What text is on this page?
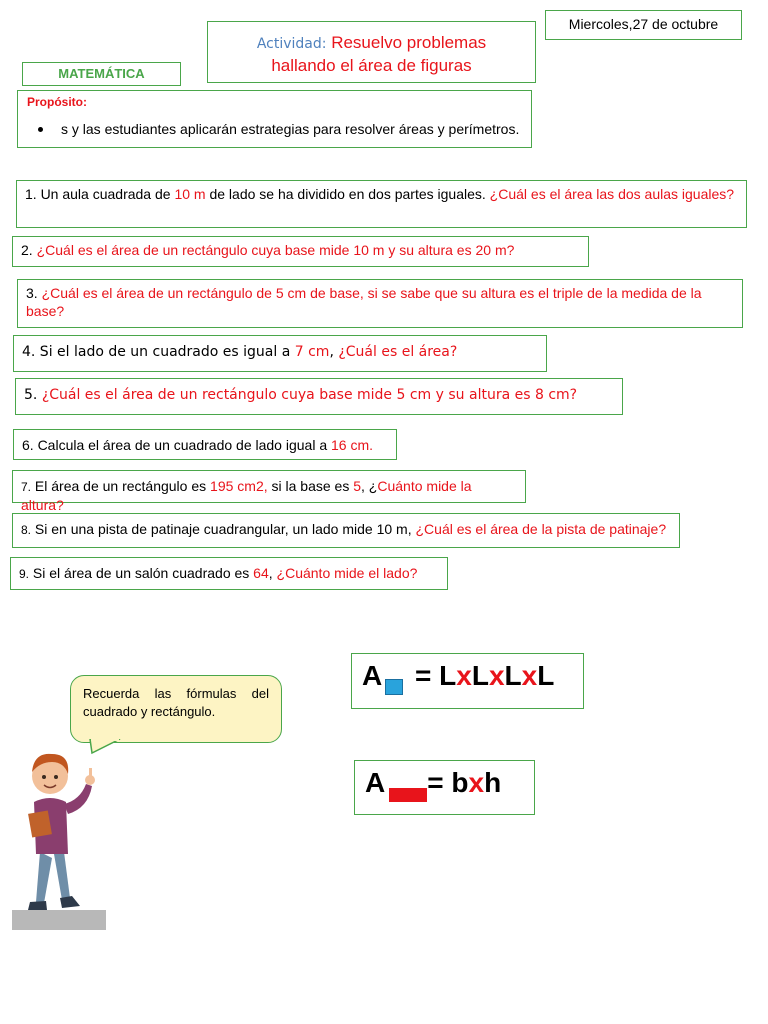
Miercoles,27 de octubre
Actividad: Resuelvo problemas
hallando el área de figuras
MATEMÁTICA
Propósito:
s y las estudiantes aplicarán estrategias para resolver áreas y perímetros.
1. Un aula cuadrada de 10 m de lado se ha dividido en dos partes iguales. ¿Cuál es el área las dos aulas iguales?
2. ¿Cuál es el área de un rectángulo cuya base mide 10 m y su altura es 20 m?
3. ¿Cuál es el área de un rectángulo de 5 cm de base, si se sabe que su altura es el triple de la medida de la base?
4. Si el lado de un cuadrado es igual a 7 cm, ¿Cuál es el área?
5. ¿Cuál es el área de un rectángulo cuya base mide 5 cm y su altura es 8 cm?
6. Calcula el área de un cuadrado de lado igual a 16 cm.
7. El área de un rectángulo es 195 cm2, si la base es 5, ¿Cuánto mide la altura?
8. Si en una pista de patinaje cuadrangular, un lado mide 10 m, ¿Cuál es el área de la pista de patinaje?
9. Si el área de un salón cuadrado es 64, ¿Cuánto mide el lado?
Recuerda las fórmulas del cuadrado y rectángulo.
A = LxLxLxL
A = bxh
